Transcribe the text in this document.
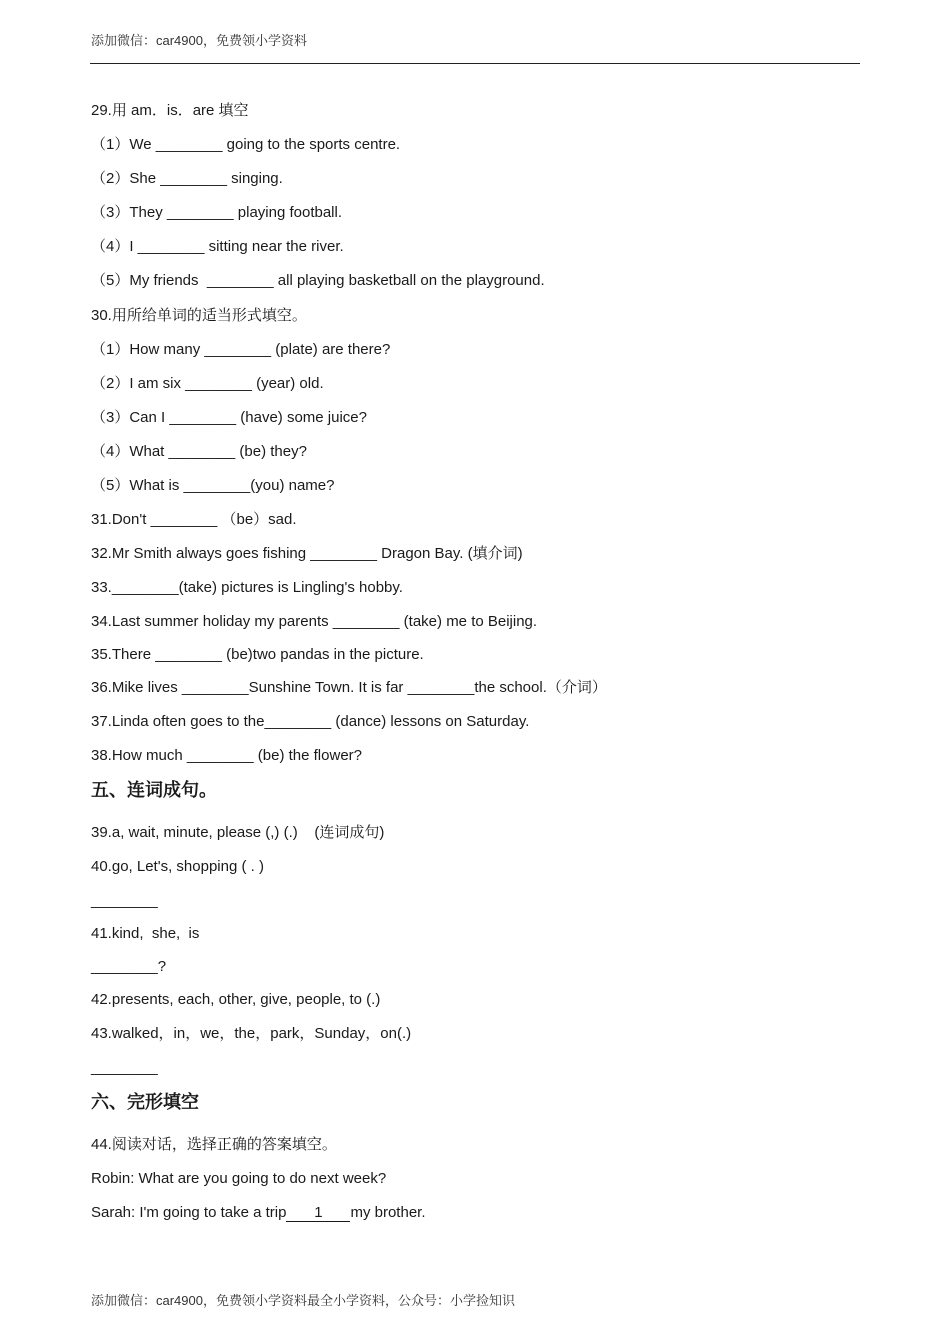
添加微信：car4900，免费领小学资料
29.用 am．is．are 填空
（1）We ________ going to the sports centre.
（2）She ________ singing.
（3）They ________ playing football.
（4）I ________ sitting near the river.
（5）My friends  ________ all playing basketball on the playground.
30.用所给单词的适当形式填空。
（1）How many ________ (plate) are there?
（2）I am six ________ (year) old.
（3）Can I ________ (have) some juice?
（4）What ________ (be) they?
（5）What is ________(you) name?
31.Don't ________ （be）sad.
32.Mr Smith always goes fishing ________ Dragon Bay. (填介词)
33.________(take) pictures is Lingling's hobby.
34.Last summer holiday my parents ________ (take) me to Beijing.
35.There ________ (be)two pandas in the picture.
36.Mike lives ________Sunshine Town. It is far ________the school.（介词）
37.Linda often goes to the________ (dance) lessons on Saturday.
38.How much ________ (be) the flower?
五、连词成句。
39.a, wait, minute, please (,) (.)    (连词成句)
40.go, Let's, shopping ( . )
________
41.kind,  she,  is
________?
42.presents, each, other, give, people, to (.)
43.walked，in，we，the，park，Sunday，on(.)
________
六、完形填空
44.阅读对话，选择正确的答案填空。
Robin: What are you going to do next week?
Sarah: I'm going to take a trip 1 my brother.
添加微信：car4900，免费领小学资料最全小学资料，公众号：小学捡知识
